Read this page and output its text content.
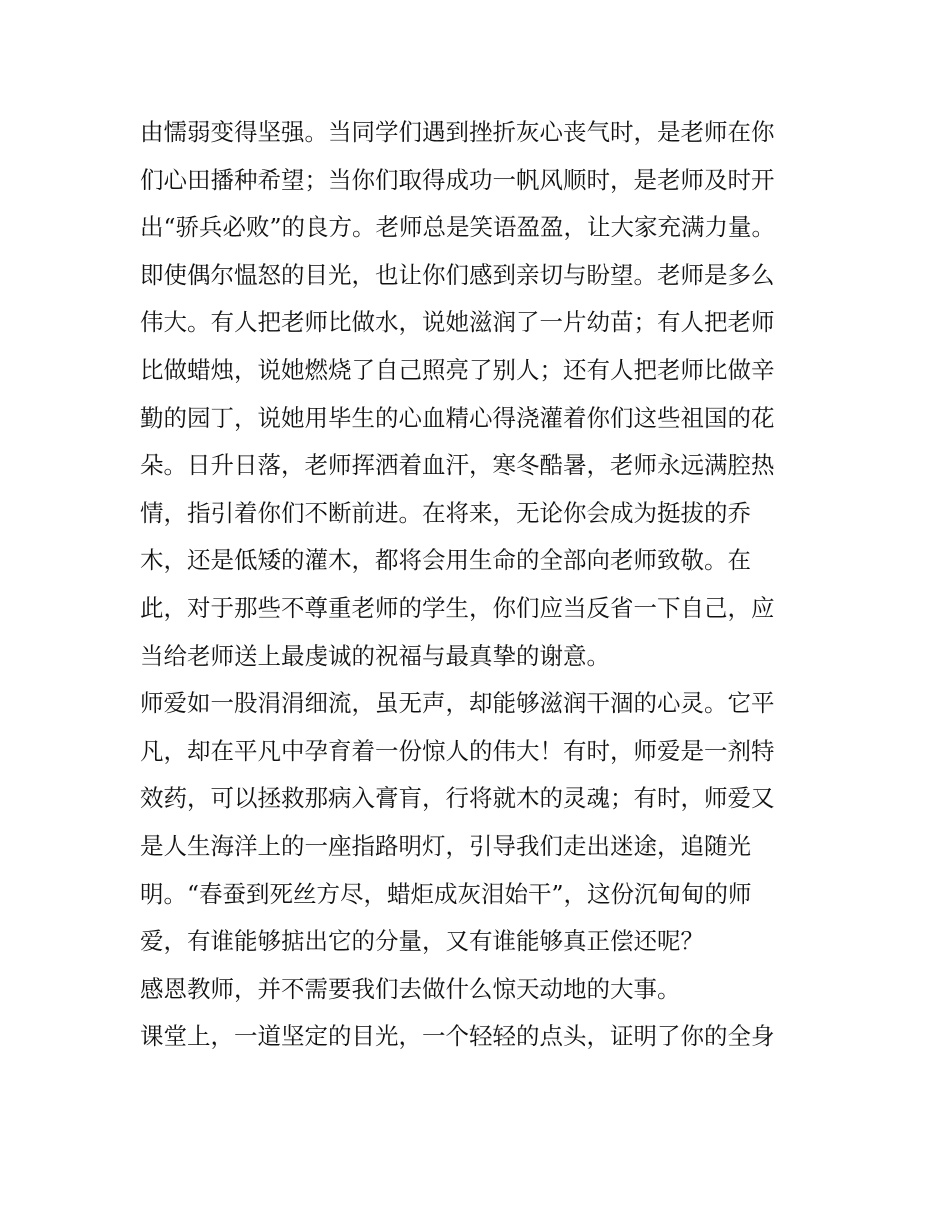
由懦弱变得坚强。当同学们遇到挫折灰心丧气时，是老师在你
们心田播种希望；当你们取得成功一帆风顺时，是老师及时开
出“骄兵必败”的良方。老师总是笑语盈盈，让大家充满力量。
即使偶尔愠怒的目光，也让你们感到亲切与盼望。老师是多么
伟大。有人把老师比做水，说她滋润了一片幼苗；有人把老师
比做蜡烛，说她燃烧了自己照亮了别人；还有人把老师比做辛
勤的园丁，说她用毕生的心血精心得浇灌着你们这些祖国的花
朵。日升日落，老师挥洒着血汗，寒冬酷暑，老师永远满腔热
情，指引着你们不断前进。在将来，无论你会成为挺拔的乔
木，还是低矮的灌木，都将会用生命的全部向老师致敬。在
此，对于那些不尊重老师的学生，你们应当反省一下自己，应
当给老师送上最虔诚的祝福与最真挚的谢意。
师爱如一股涓涓细流，虽无声，却能够滋润干涸的心灵。它平
凡，却在平凡中孕育着一份惊人的伟大！有时，师爱是一剂特
效药，可以拯救那病入膏肓，行将就木的灵魂；有时，师爱又
是人生海洋上的一座指路明灯，引导我们走出迷途，追随光
明。“春蚕到死丝方尽，蜡炬成灰泪始干”，这份沉甸甸的师
爱，有谁能够掂出它的分量，又有谁能够真正偿还呢？
感恩教师，并不需要我们去做什么惊天动地的大事。
课堂上，一道坚定的目光，一个轻轻的点头，证明了你的全身
